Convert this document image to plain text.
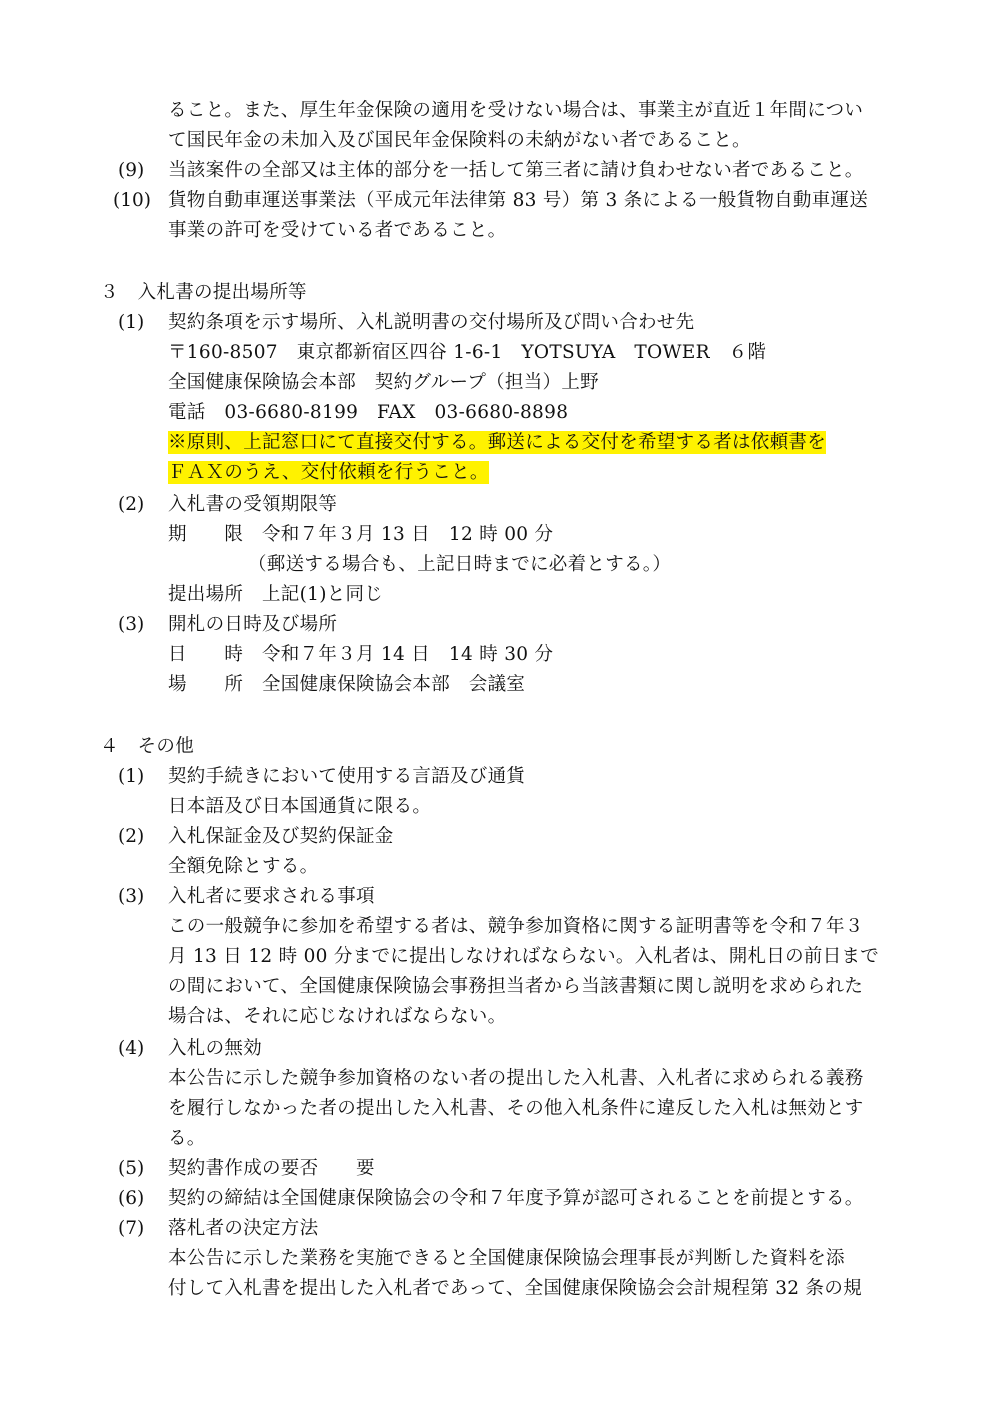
ること。また、厚生年金保険の適用を受けない場合は、事業主が直近１年間につい
て国民年金の未加入及び国民年金保険料の未納がない者であること。
(9) 当該案件の全部又は主体的部分を一括して第三者に請け負わせない者であること。
(10) 貨物自動車運送事業法（平成元年法律第 83 号）第 3 条による一般貨物自動車運送
事業の許可を受けている者であること。
３　入札書の提出場所等
(1) 契約条項を示す場所、入札説明書の交付場所及び問い合わせ先
〒160-8507　東京都新宿区四谷 1-6-1　YOTSUYA　TOWER　６階
全国健康保険協会本部　契約グループ（担当）上野
電話　03-6680-8199　FAX　03-6680-8898
※原則、上記窓口にて直接交付する。郵送による交付を希望する者は依頼書を
ＦＡＸのうえ、交付依頼を行うこと。
(2) 入札書の受領期限等
期　　限　令和７年３月 13 日　12 時 00 分
（郵送する場合も、上記日時までに必着とする。）
提出場所　上記(1)と同じ
(3) 開札の日時及び場所
日　　時　令和７年３月 14 日　14 時 30 分
場　　所　全国健康保険協会本部　会議室
４　その他
(1) 契約手続きにおいて使用する言語及び通貨
日本語及び日本国通貨に限る。
(2) 入札保証金及び契約保証金
全額免除とする。
(3) 入札者に要求される事項
この一般競争に参加を希望する者は、競争参加資格に関する証明書等を令和７年３
月 13 日 12 時 00 分までに提出しなければならない。入札者は、開札日の前日まで
の間において、全国健康保険協会事務担当者から当該書類に関し説明を求められた
場合は、それに応じなければならない。
(4) 入札の無効
本公告に示した競争参加資格のない者の提出した入札書、入札者に求められる義務
を履行しなかった者の提出した入札書、その他入札条件に違反した入札は無効とす
る。
(5) 契約書作成の要否　　要
(6) 契約の締結は全国健康保険協会の令和７年度予算が認可されることを前提とする。
(7) 落札者の決定方法
本公告に示した業務を実施できると全国健康保険協会理事長が判断した資料を添
付して入札書を提出した入札者であって、全国健康保険協会会計規程第 32 条の規
